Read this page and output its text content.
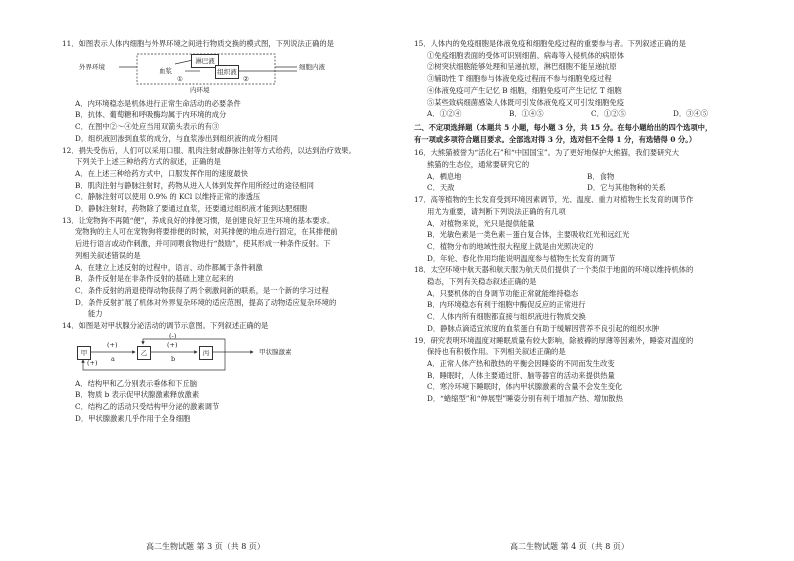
11．如图表示人体内细胞与外界环境之间进行物质交换的模式图，下列说法正确的是

外界环境
淋巴液
血浆
①
组织液
②
细胞内液
内环境

A．内环境稳态是机体进行正常生命活动的必要条件

B．抗体、葡萄糖和呼吸酶均属于内环境的成分

C．在图中②～④处应当用双箭头表示的有③

D．组织液回渗到血浆的成分，与血浆渗出到组织液的成分相同

12．捐失受伤后，人们可以采用口服、肌肉注射或静脉注射等方式给药，以达到治疗效果。

下列关于上述三种给药方式的叙述，正确的是

A．在上述三种给药方式中，口服发挥作用的速度最快

B．肌肉注射与静脉注射时，药物从进入人体到发挥作用所经过的途径相同

C．静脉注射可以使用 0.9% 的 KCl 以维持正常的渗透压

D．静脉注射时，药物除了要通过血浆，还要通过组织液才能到达肥细胞

13．让宠物狗不再随“便”，养成良好的排便习惯，是创建良好卫生环境的基本要求。

宠物狗的主人可在宠物狗将要排便的时候，对其排便的地点进行固定，在其排便前

后进行语言或动作刺激，并可同喂食物进行“鼓励”，使其形成一种条件反射。下

列相关叙述错误的是

A．在建立上述反射的过程中，语言、动作都属于条件刺激

B．条件反射是在非条件反射的基础上建立起来的

C．条件反射的消退使得动物获得了两个刺激间新的联系，是一个新的学习过程

D．条件反射扩展了机体对外界复杂环境的适应范围，提高了动物适应复杂环境的

能力

14．如图是对甲状腺分泌活动的调节示意图。下列叙述正确的是

甲	乙	丙	甲状腺激素
(+)
a
(-)
(+)
b
(+)

A．结构甲和乙分别表示垂体和下丘脑

B．物质 b 表示促甲状腺激素释放激素

C．结构乙的活动只受结构甲分泌的激素调节

D．甲状腺激素几乎作用于全身细胞

高二生物试题 第 3 页（共 8 页）

15．人体内的免疫细胞是体液免疫和细胞免疫过程的重要参与者。下列叙述正确的是

①免疫细胞表面的受体可识别细菌、病毒等入侵机体的病原体

②树突状细胞能够处理和呈递抗原，淋巴细胞不能呈递抗原

③辅助性 T 细胞参与体液免疫过程而不参与细胞免疫过程

④体液免疫可产生记忆 B 细胞，细胞免疫可产生记忆 T 细胞

⑤某些致病细菌感染人体既可引发体液免疫又可引发细胞免疫

A．①②④	B．①④⑤	C．①②⑤	D．③④⑤

二、不定项选择题（本题共 5 小题，每小题 3 分，共 15 分。在每小题给出的四个选项中，

有一项或多项符合题目要求。全部选对得 3 分，选对但不全得 1 分，有选错得 0 分。）

16．大熊猫被誉为“活化石”和“中国国宝”。为了更好地保护大熊猫，我们要研究大

熊猫的生态位，通常要研究它的

A．栖息地	B．食物

C．天敌	D．它与其他物种的关系

17．高等植物的生长发育受到环境因素调节，光、温度、重力对植物生长发育的调节作

用尤为重要，请判断下列说法正确的有几项

A．对植物来说，光只是提供能量

B．光敏色素是一类色素－蛋白复合体，主要吸收红光和远红光

C．植物分布的地域性很大程度上就是由光照决定的

D．年轮、春化作用均能说明温度参与植物生长发育的调节

18．太空环境中航天器和航天服为航天员们提供了一个类似于地面的环境以维持机体的

稳态，下列有关稳态叙述正确的是

A．只要机体的自身调节功能正常就能维持稳态

B．内环境稳态有利于细胞中酶促反应的正常进行

C．人体内所有细胞都直接与组织液进行物质交换

D．静脉点滴适宜浓度的血浆蛋白有助于缓解因营养不良引起的组织水肿

19．研究表明环境温度对睡眠质量有较大影响，除被褥的厚薄等因素外，睡姿对温度的

保持也有积极作用。下列相关叙述正确的是

A．正常人体产热和散热的平衡会因睡姿的不同而发生改变

B．睡眠时，人体主要通过肝、脑等器官的活动来提供热量

C．寒冷环境下睡眠时，体内甲状腺激素的含量不会发生变化

D．“蜷缩型”和“伸展型”睡姿分别有利于增加产热、增加散热

高二生物试题 第 4 页（共 8 页）
